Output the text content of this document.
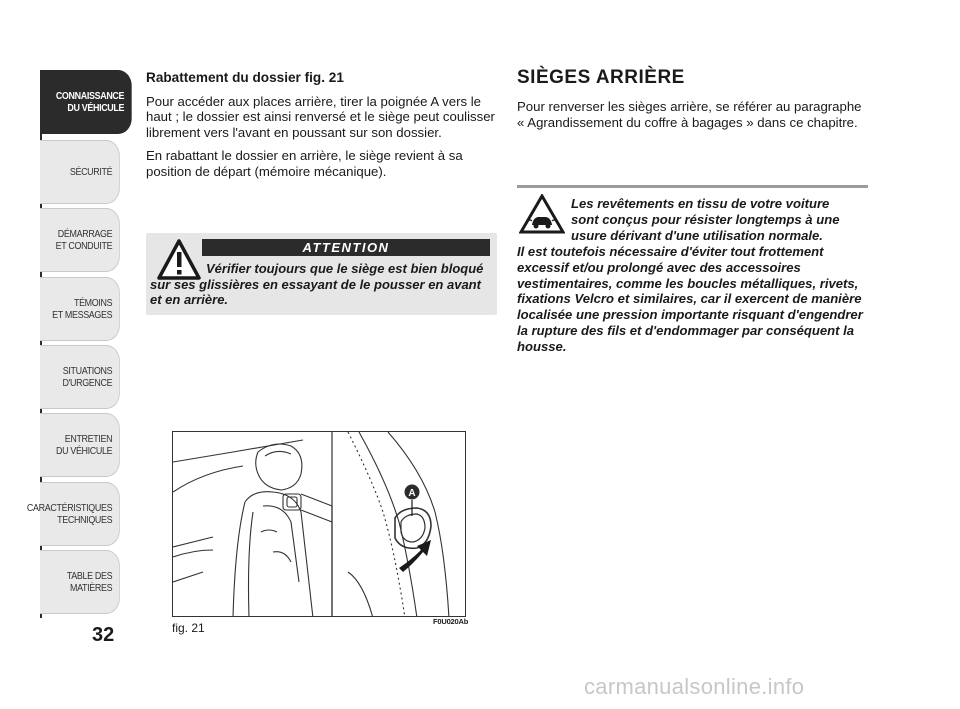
CONNAISSANCE
DU VÉHICULE
SÉCURITÉ
DÉMARRAGE
ET CONDUITE
TÉMOINS
ET MESSAGES
SITUATIONS
D'URGENCE
ENTRETIEN
DU VÉHICULE
CARACTÉRISTIQUES
TECHNIQUES
TABLE DES
MATIÈRES
32
Rabattement du dossier fig. 21

Pour accéder aux places arrière, tirer la poignée A vers le haut ; le dossier est ainsi renversé et le siège peut coulisser librement vers l'avant en poussant sur son dossier.

En rabattant le dossier en arrière, le siège revient à sa position de départ (mémoire mécanique).

ATTENTION

Vérifier toujours que le siège est bien bloqué sur ses glissières en essayant de le pousser en avant et en arrière.

SIÈGES ARRIÈRE

Pour renverser les sièges arrière, se référer au paragraphe « Agrandissement du coffre à bagages » dans ce chapitre.

Les revêtements en tissu de votre voiture
sont conçus pour résister longtemps à une
usure dérivant d'une utilisation normale.
Il est toutefois nécessaire d'éviter tout frottement excessif et/ou prolongé avec des accessoires vestimentaires, comme les boucles métalliques, rivets, fixations Velcro et similaires, car il exercent de manière localisée une pression importante risquant d'engendrer la rupture des fils et d'endommager par conséquent la housse.
A
fig. 21	F0U020Ab
carmanualsonline.info
